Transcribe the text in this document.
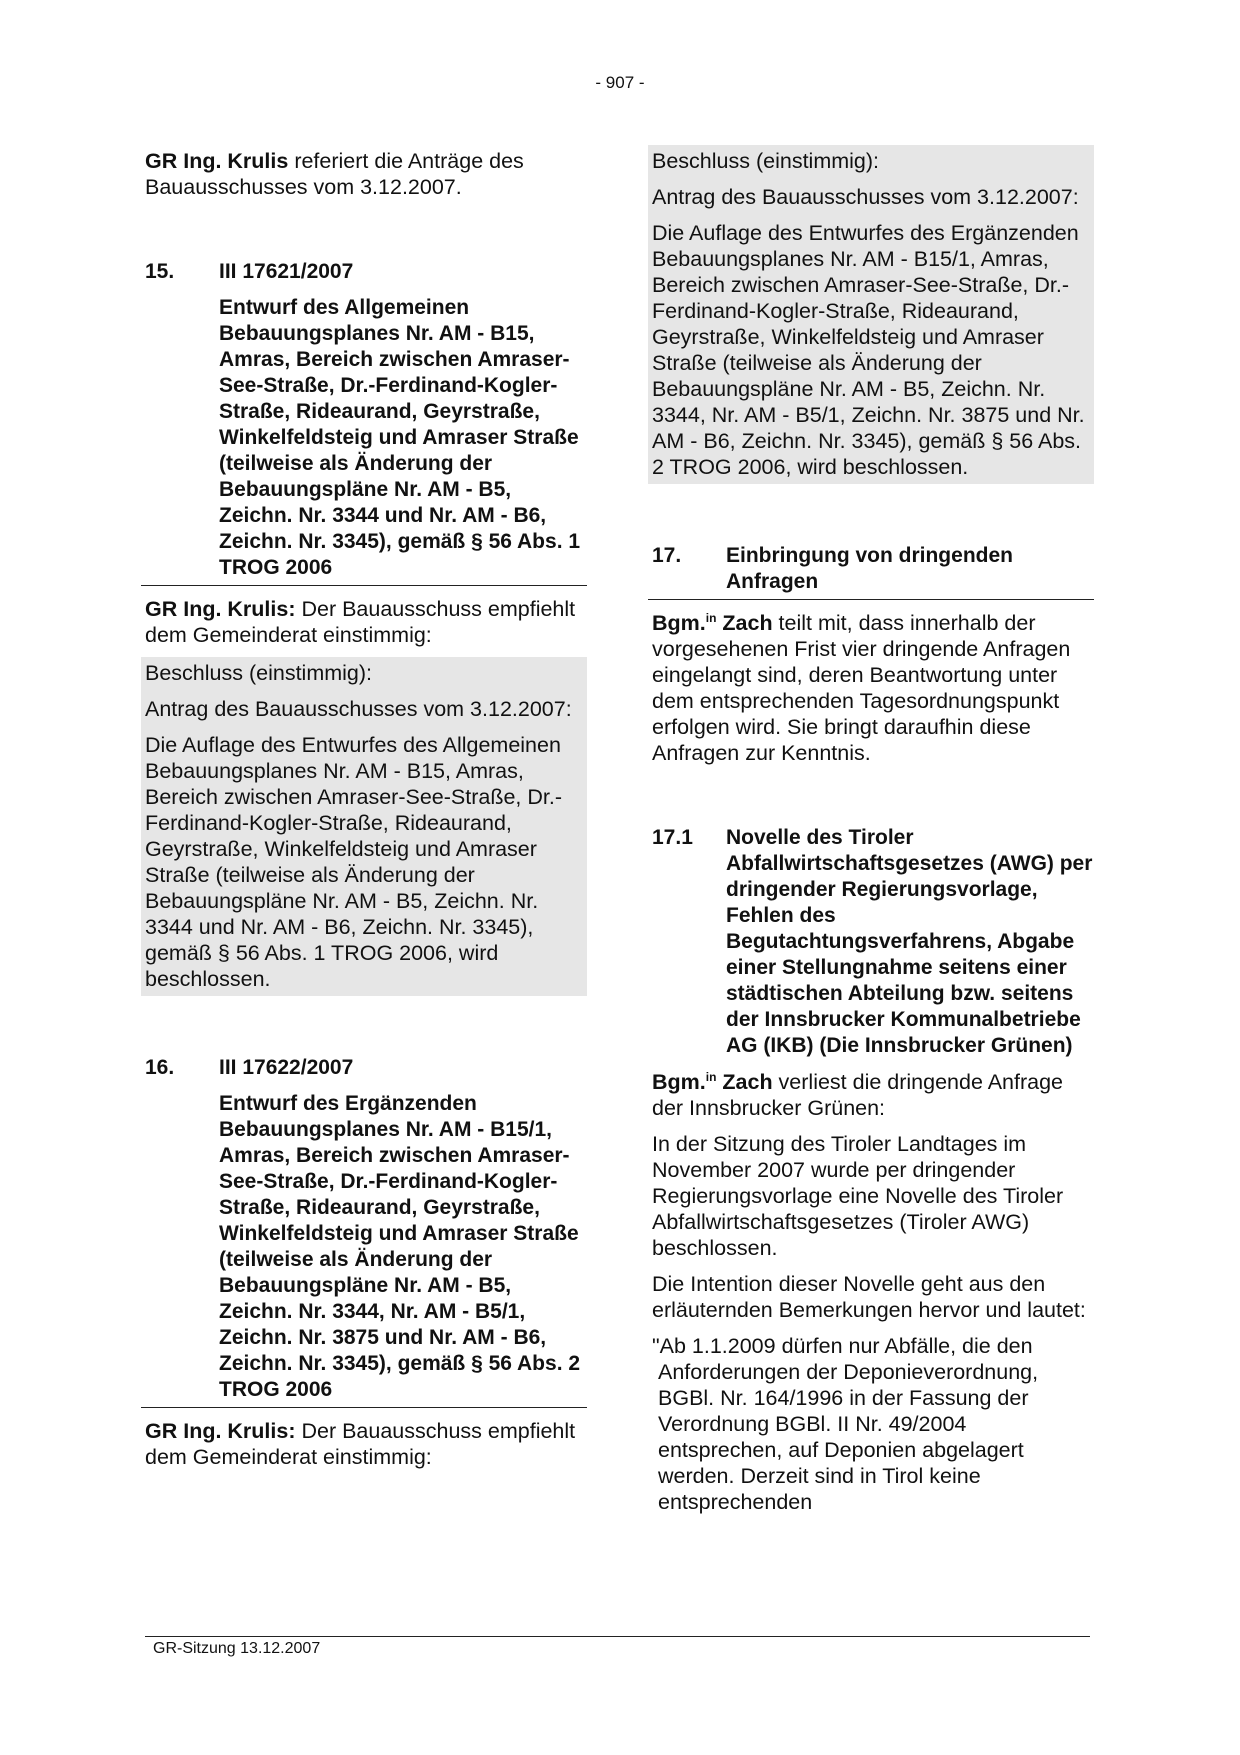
- 907 -

GR Ing. Krulis referiert die Anträge des Bauausschusses vom 3.12.2007.

15.	III 17621/2007
Entwurf des Allgemeinen Bebauungsplanes Nr. AM - B15, Amras, Bereich zwischen Amraser-See-Straße, Dr.-Ferdinand-Kogler-Straße, Rideaurand, Geyrstraße, Winkelfeldsteig und Amraser Straße (teilweise als Änderung der Bebauungspläne Nr. AM - B5, Zeichn. Nr. 3344 und Nr. AM - B6, Zeichn. Nr. 3345), gemäß § 56 Abs. 1 TROG 2006

GR Ing. Krulis: Der Bauausschuss empfiehlt dem Gemeinderat einstimmig:

Beschluss (einstimmig):

Antrag des Bauausschusses vom 3.12.2007:

Die Auflage des Entwurfes des Allgemeinen Bebauungsplanes Nr. AM - B15, Amras, Bereich zwischen Amraser-See-Straße, Dr.-Ferdinand-Kogler-Straße, Rideaurand, Geyrstraße, Winkelfeldsteig und Amraser Straße (teilweise als Änderung der Bebauungspläne Nr. AM - B5, Zeichn. Nr. 3344 und Nr. AM - B6, Zeichn. Nr. 3345), gemäß § 56 Abs. 1 TROG 2006, wird beschlossen.

16.	III 17622/2007
Entwurf des Ergänzenden Bebauungsplanes Nr. AM - B15/1, Amras, Bereich zwischen Amraser-See-Straße, Dr.-Ferdinand-Kogler-Straße, Rideaurand, Geyrstraße, Winkelfeldsteig und Amraser Straße (teilweise als Änderung der Bebauungspläne Nr. AM - B5, Zeichn. Nr. 3344, Nr. AM - B5/1, Zeichn. Nr. 3875 und Nr. AM - B6, Zeichn. Nr. 3345), gemäß § 56 Abs. 2 TROG 2006

GR Ing. Krulis: Der Bauausschuss empfiehlt dem Gemeinderat einstimmig:

Beschluss (einstimmig):

Antrag des Bauausschusses vom 3.12.2007:

Die Auflage des Entwurfes des Ergänzenden Bebauungsplanes Nr. AM - B15/1, Amras, Bereich zwischen Amraser-See-Straße, Dr.-Ferdinand-Kogler-Straße, Rideaurand, Geyrstraße, Winkelfeldsteig und Amraser Straße (teilweise als Änderung der Bebauungspläne Nr. AM - B5, Zeichn. Nr. 3344, Nr. AM - B5/1, Zeichn. Nr. 3875 und Nr. AM - B6, Zeichn. Nr. 3345), gemäß § 56 Abs. 2 TROG 2006, wird beschlossen.

17.	Einbringung von dringenden Anfragen

Bgm.$^{in}$ Zach teilt mit, dass innerhalb der vorgesehenen Frist vier dringende Anfragen eingelangt sind, deren Beantwortung unter dem entsprechenden Tagesordnungspunkt erfolgen wird. Sie bringt daraufhin diese Anfragen zur Kenntnis.

17.1	Novelle des Tiroler Abfallwirtschaftsgesetzes (AWG) per dringender Regierungsvorlage, Fehlen des Begutachtungsverfahrens, Abgabe einer Stellungnahme seitens einer städtischen Abteilung bzw. seitens der Innsbrucker Kommunalbetriebe AG (IKB) (Die Innsbrucker Grünen)

Bgm.$^{in}$ Zach verliest die dringende Anfrage der Innsbrucker Grünen:

In der Sitzung des Tiroler Landtages im November 2007 wurde per dringender Regierungsvorlage eine Novelle des Tiroler Abfallwirtschaftsgesetzes (Tiroler AWG) beschlossen.

Die Intention dieser Novelle geht aus den erläuternden Bemerkungen hervor und lautet:

"Ab 1.1.2009 dürfen nur Abfälle, die den Anforderungen der Deponieverordnung, BGBl. Nr. 164/1996 in der Fassung der Verordnung BGBl. II Nr. 49/2004 entsprechen, auf Deponien abgelagert werden. Derzeit sind in Tirol keine entsprechenden

GR-Sitzung 13.12.2007
